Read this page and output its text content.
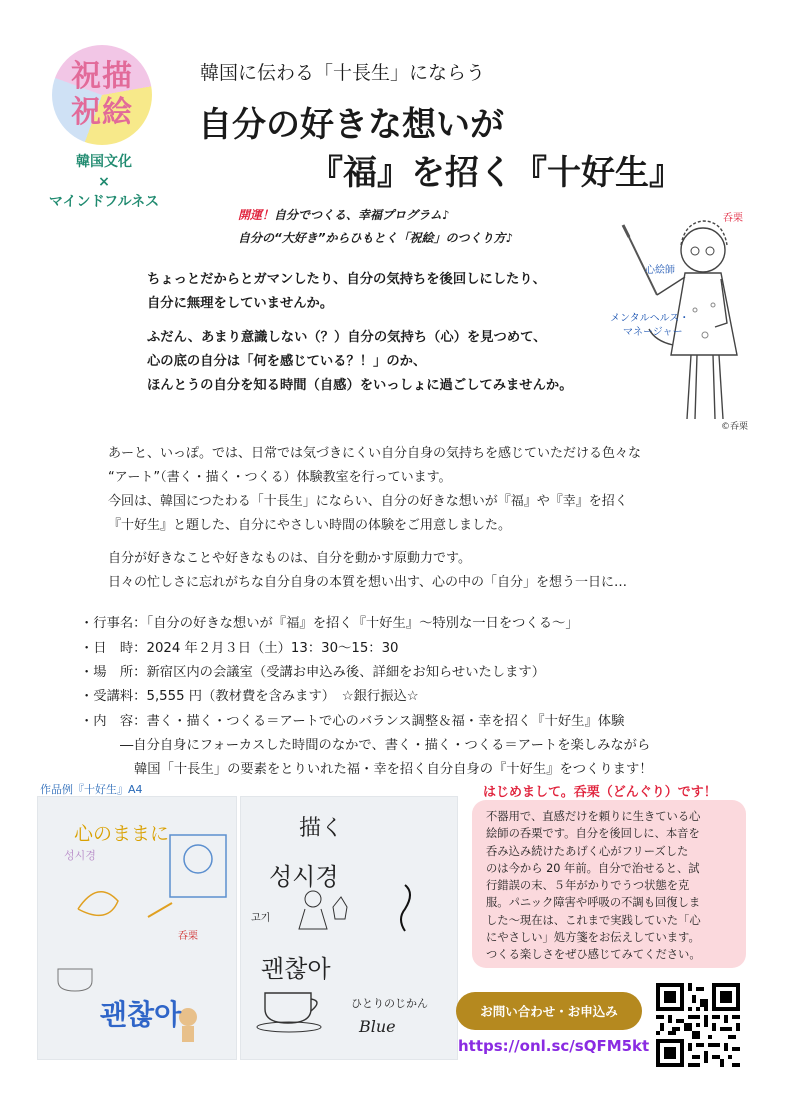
祝描
祝絵
韓国文化
×
マインドフルネス
韓国に伝わる「十長生」にならう
自分の好きな想いが
『福』を招く『十好生』
開運！自分でつくる、幸福プログラム♪
自分の“大好き”からひもとく「祝絵」のつくり方♪
ちょっとだからとガマンしたり、自分の気持ちを後回しにしたり、
自分に無理をしていませんか。
ふだん、あまり意識しない（？）自分の気持ち（心）を見つめて、
心の底の自分は「何を感じている？！」のか、
ほんとうの自分を知る時間（自感）をいっしょに過ごしてみませんか。
呑栗
心絵師
メンタルヘルス・
マネージャー
©呑栗
あーと、いっぽ。では、日常では気づきにくい自分自身の気持ちを感じていただける色々な
“アート”（書く・描く・つくる）体験教室を行っています。
今回は、韓国につたわる「十長生」にならい、自分の好きな想いが『福』や『幸』を招く
『十好生』と題した、自分にやさしい時間の体験をご用意しました。
自分が好きなことや好きなものは、自分を動かす原動力です。
日々の忙しさに忘れがちな自分自身の本質を想い出す、心の中の「自分」を想う一日に…
・行事名：「自分の好きな想いが『福』を招く『十好生』～特別な一日をつくる～」
・日　時：2024 年２月３日（土）13：30～15：30
・場　所：新宿区内の会議室（受講お申込み後、詳細をお知らせいたします）
・受講料：5,555 円（教材費を含みます）　☆銀行振込☆
・内　容：書く・描く・つくる＝アートで心のバランス調整＆福・幸を招く『十好生』体験
―自分自身にフォーカスした時間のなかで、書く・描く・つくる＝アートを楽しみながら
韓国「十長生」の要素をとりいれた福・幸を招く自分自身の『十好生』をつくります！
作品例『十好生』A4
心のままに
성시경
呑栗
괜찮아
描く
성시경
고기
괜찮아
ひとりのじかん
Blue
はじめまして。呑栗（どんぐり）です！
不器用で、直感だけを頼りに生きている心
絵師の呑栗です。自分を後回しに、本音を
呑み込み続けたあげく心がフリーズした
のは今から 20 年前。自分で治せると、試
行錯誤の末、５年がかりでうつ状態を克
服。パニック障害や呼吸の不調も回復しま
した～現在は、これまで実践していた「心
にやさしい」処方箋をお伝えしています。
つくる楽しさをぜひ感じてみてください。
お問い合わせ・お申込み
https://onl.sc/sQFM5kt
